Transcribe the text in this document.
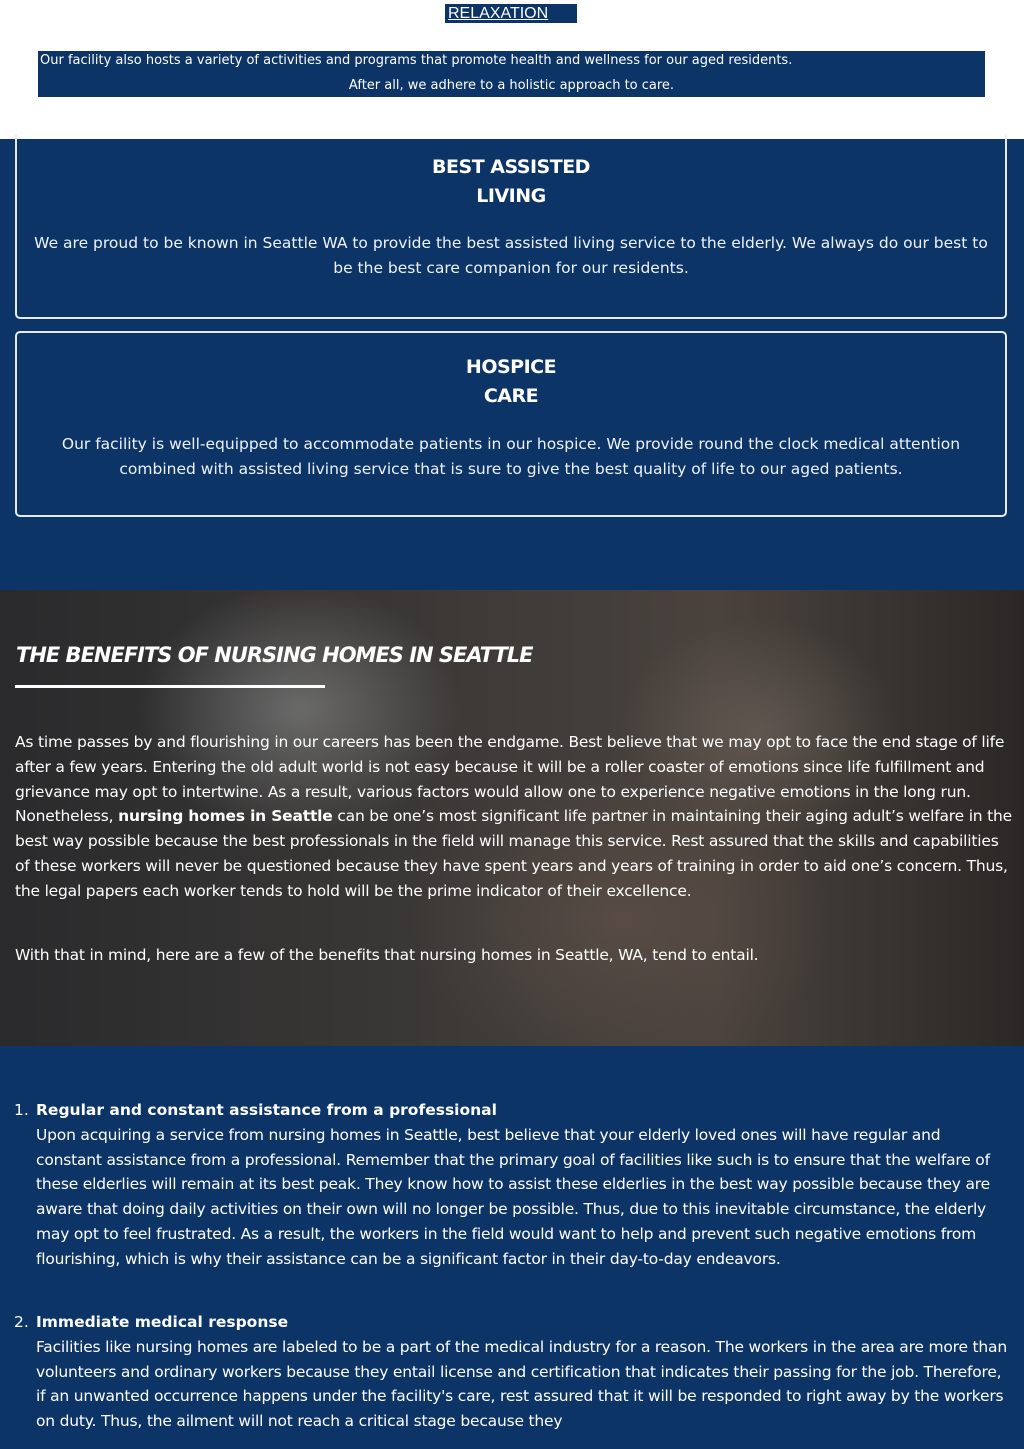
RELAXATION
Our facility also hosts a variety of activities and programs that promote health and wellness for our aged residents.
After all, we adhere to a holistic approach to care.
BEST ASSISTED
LIVING
We are proud to be known in Seattle WA to provide the best assisted living service to the elderly. We always do our best to be the best care companion for our residents.
HOSPICE
CARE
Our facility is well-equipped to accommodate patients in our hospice. We provide round the clock medical attention combined with assisted living service that is sure to give the best quality of life to our aged patients.
THE BENEFITS OF NURSING HOMES IN SEATTLE
As time passes by and flourishing in our careers has been the endgame. Best believe that we may opt to face the end stage of life after a few years. Entering the old adult world is not easy because it will be a roller coaster of emotions since life fulfillment and grievance may opt to intertwine. As a result, various factors would allow one to experience negative emotions in the long run. Nonetheless, nursing homes in Seattle can be one’s most significant life partner in maintaining their aging adult’s welfare in the best way possible because the best professionals in the field will manage this service. Rest assured that the skills and capabilities of these workers will never be questioned because they have spent years and years of training in order to aid one’s concern. Thus, the legal papers each worker tends to hold will be the prime indicator of their excellence.
With that in mind, here are a few of the benefits that nursing homes in Seattle, WA, tend to entail.
1. Regular and constant assistance from a professional
Upon acquiring a service from nursing homes in Seattle, best believe that your elderly loved ones will have regular and constant assistance from a professional. Remember that the primary goal of facilities like such is to ensure that the welfare of these elderlies will remain at its best peak. They know how to assist these elderlies in the best way possible because they are aware that doing daily activities on their own will no longer be possible. Thus, due to this inevitable circumstance, the elderly may opt to feel frustrated. As a result, the workers in the field would want to help and prevent such negative emotions from flourishing, which is why their assistance can be a significant factor in their day-to-day endeavors.
2. Immediate medical response
Facilities like nursing homes are labeled to be a part of the medical industry for a reason. The workers in the area are more than volunteers and ordinary workers because they entail license and certification that indicates their passing for the job. Therefore, if an unwanted occurrence happens under the facility's care, rest assured that it will be responded to right away by the workers on duty. Thus, the ailment will not reach a critical stage because they
